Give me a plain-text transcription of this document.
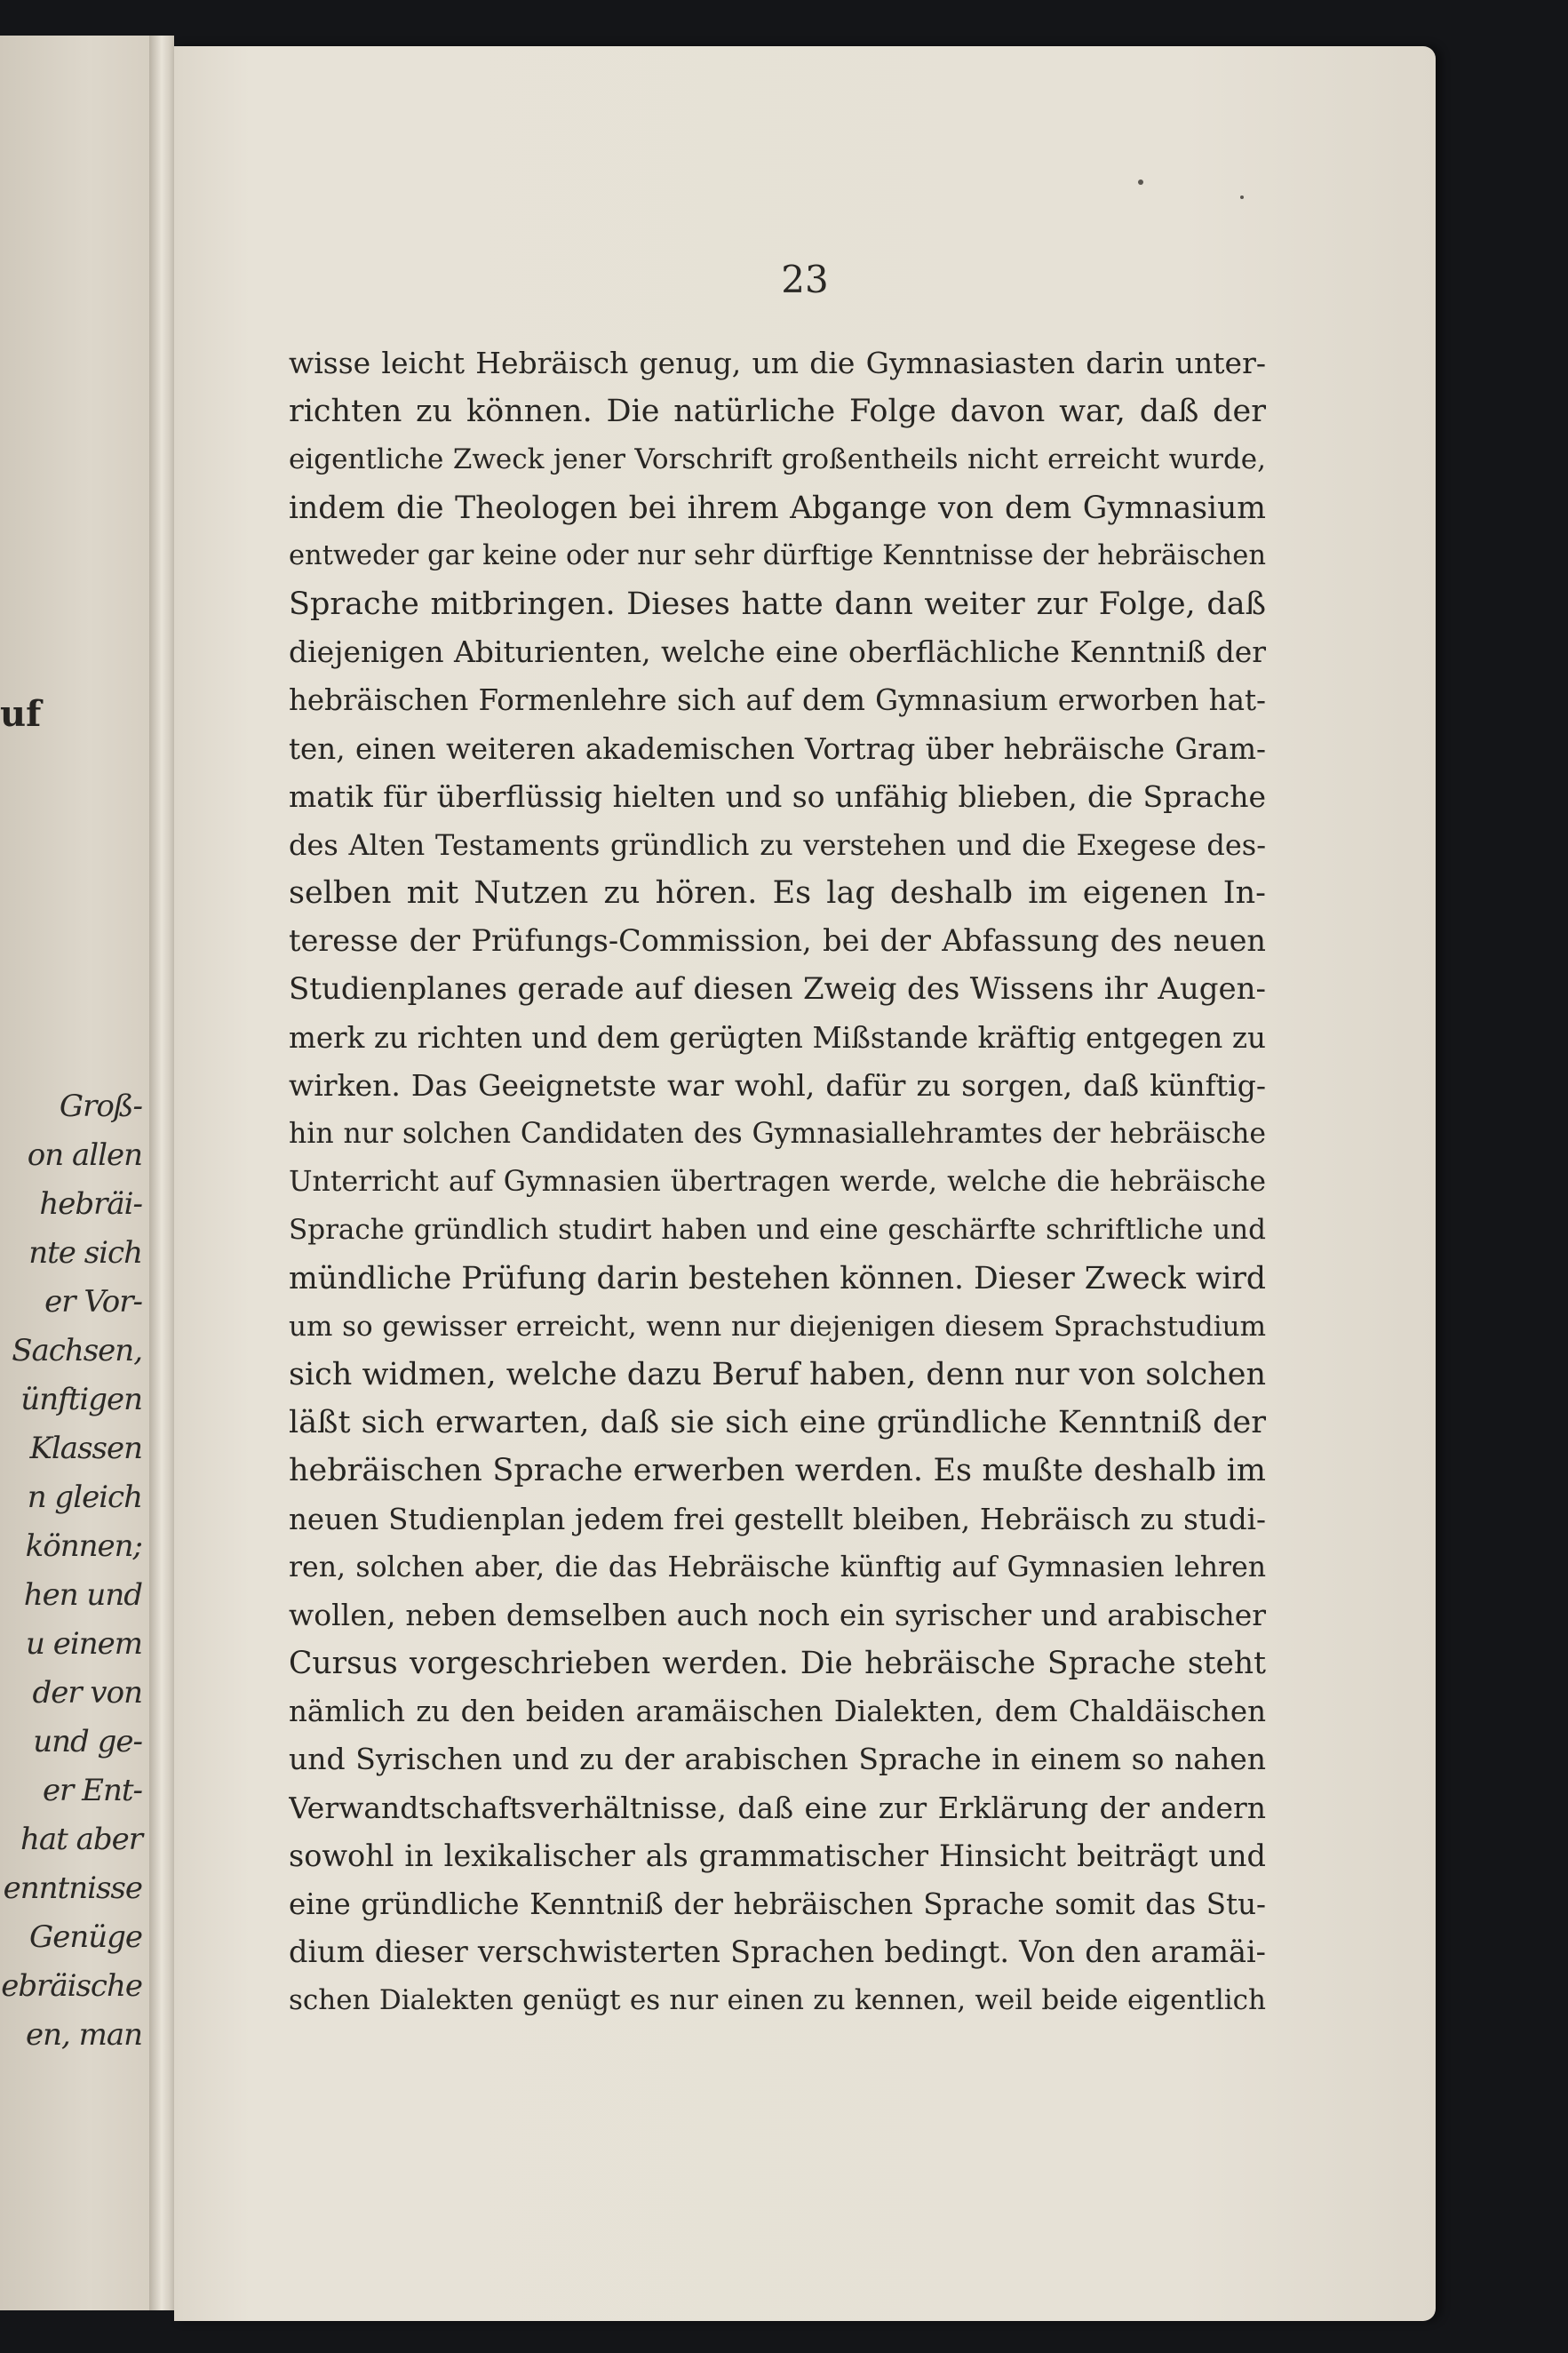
uf
Groß-
on allen
hebräi-
nte sich
er Vor-
Sachsen,
ünftigen
Klassen
n gleich
können;
hen und
u einem
der von
und ge-
er Ent-
hat aber
enntnisse
Genüge
ebräische
en, man
23
wisse leicht Hebräisch genug, um die Gymnasiasten darin unter-
richten zu können. Die natürliche Folge davon war, daß der
eigentliche Zweck jener Vorschrift großentheils nicht erreicht wurde,
indem die Theologen bei ihrem Abgange von dem Gymnasium
entweder gar keine oder nur sehr dürftige Kenntnisse der hebräischen
Sprache mitbringen. Dieses hatte dann weiter zur Folge, daß
diejenigen Abiturienten, welche eine oberflächliche Kenntniß der
hebräischen Formenlehre sich auf dem Gymnasium erworben hat-
ten, einen weiteren akademischen Vortrag über hebräische Gram-
matik für überflüssig hielten und so unfähig blieben, die Sprache
des Alten Testaments gründlich zu verstehen und die Exegese des-
selben mit Nutzen zu hören. Es lag deshalb im eigenen In-
teresse der Prüfungs-Commission, bei der Abfassung des neuen
Studienplanes gerade auf diesen Zweig des Wissens ihr Augen-
merk zu richten und dem gerügten Mißstande kräftig entgegen zu
wirken. Das Geeignetste war wohl, dafür zu sorgen, daß künftig-
hin nur solchen Candidaten des Gymnasiallehramtes der hebräische
Unterricht auf Gymnasien übertragen werde, welche die hebräische
Sprache gründlich studirt haben und eine geschärfte schriftliche und
mündliche Prüfung darin bestehen können. Dieser Zweck wird
um so gewisser erreicht, wenn nur diejenigen diesem Sprachstudium
sich widmen, welche dazu Beruf haben, denn nur von solchen
läßt sich erwarten, daß sie sich eine gründliche Kenntniß der
hebräischen Sprache erwerben werden. Es mußte deshalb im
neuen Studienplan jedem frei gestellt bleiben, Hebräisch zu studi-
ren, solchen aber, die das Hebräische künftig auf Gymnasien lehren
wollen, neben demselben auch noch ein syrischer und arabischer
Cursus vorgeschrieben werden. Die hebräische Sprache steht
nämlich zu den beiden aramäischen Dialekten, dem Chaldäischen
und Syrischen und zu der arabischen Sprache in einem so nahen
Verwandtschaftsverhältnisse, daß eine zur Erklärung der andern
sowohl in lexikalischer als grammatischer Hinsicht beiträgt und
eine gründliche Kenntniß der hebräischen Sprache somit das Stu-
dium dieser verschwisterten Sprachen bedingt. Von den aramäi-
schen Dialekten genügt es nur einen zu kennen, weil beide eigentlich
